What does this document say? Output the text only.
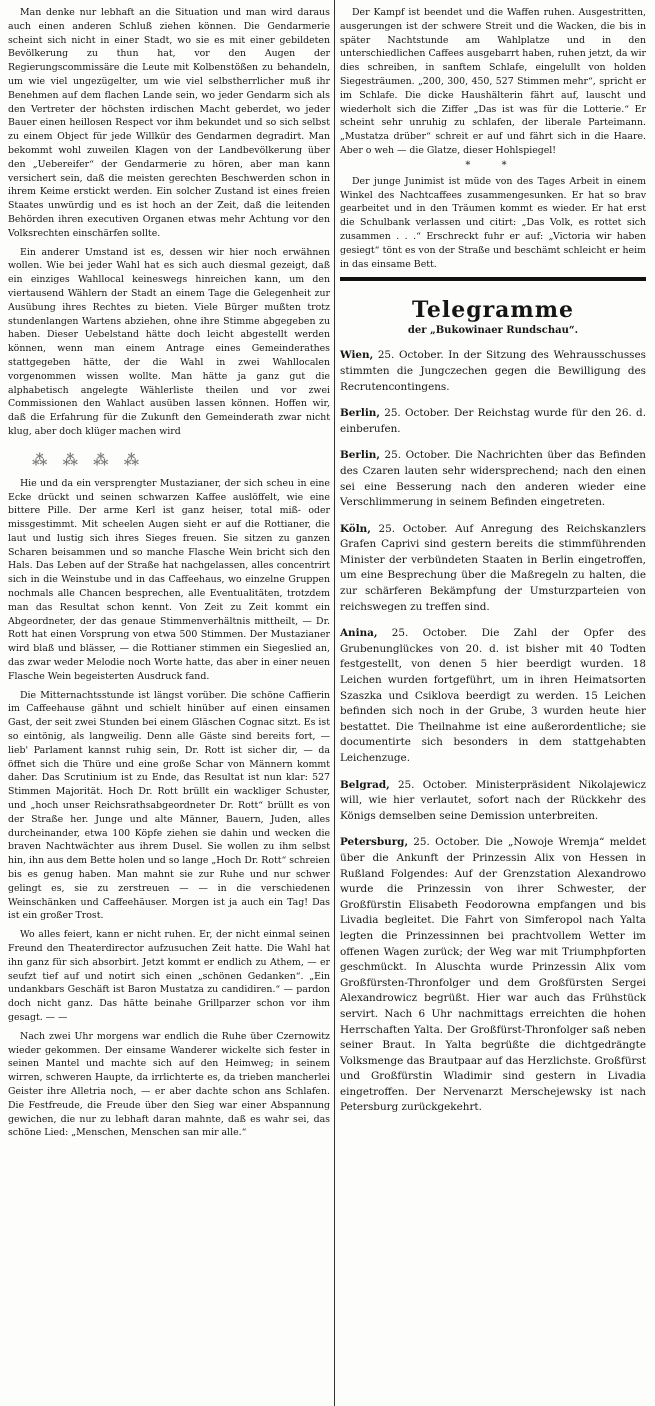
Man denke nur lebhaft an die Situation und man wird daraus auch einen anderen Schluß ziehen können. Die Gendarmerie scheint sich nicht in einer Stadt, wo sie es mit einer gebildeten Bevölkerung zu thun hat, vor den Augen der Regierungscommissäre die Leute mit Kolbenstößen zu behandeln, um wie viel ungezügelter, um wie viel selbstherrlicher muß ihr Benehmen auf dem flachen Lande sein, wo jeder Gendarm sich als den Vertreter der höchsten irdischen Macht geberdet, wo jeder Bauer einen heillosen Respect vor ihm bekundet und so sich selbst zu einem Object für jede Willkür des Gendarmen degradirt. Man bekommt wohl zuweilen Klagen von der Landbevölkerung über den „Uebereifer“ der Gendarmerie zu hören, aber man kann versichert sein, daß die meisten gerechten Beschwerden schon in ihrem Keime erstickt werden. Ein solcher Zustand ist eines freien Staates unwürdig und es ist hoch an der Zeit, daß die leitenden Behörden ihren executiven Organen etwas mehr Achtung vor den Volksrechten einschärfen sollte.

Ein anderer Umstand ist es, dessen wir hier noch erwähnen wollen. Wie bei jeder Wahl hat es sich auch diesmal gezeigt, daß ein einziges Wahllocal keineswegs hinreichen kann, um den viertausend Wählern der Stadt an einem Tage die Gelegenheit zur Ausübung ihres Rechtes zu bieten. Viele Bürger mußten trotz stundenlangen Wartens abziehen, ohne ihre Stimme abgegeben zu haben. Dieser Uebelstand hätte doch leicht abgestellt werden können, wenn man einem Antrage eines Gemeinderathes stattgegeben hätte, der die Wahl in zwei Wahllocalen vorgenommen wissen wollte. Man hätte ja ganz gut die alphabetisch angelegte Wählerliste theilen und vor zwei Commissionen den Wahlact ausüben lassen können. Hoffen wir, daß die Erfahrung für die Zukunft den Gemeinderath zwar nicht klug, aber doch klüger machen wird

⁂ ⁂ ⁂ ⁂

Hie und da ein versprengter Mustazianer, der sich scheu in eine Ecke drückt und seinen schwarzen Kaffee auslöffelt, wie eine bittere Pille. Der arme Kerl ist ganz heiser, total miß- oder missgestimmt. Mit scheelen Augen sieht er auf die Rottianer, die laut und lustig sich ihres Sieges freuen. Sie sitzen zu ganzen Scharen beisammen und so manche Flasche Wein bricht sich den Hals. Das Leben auf der Straße hat nachgelassen, alles concentrirt sich in die Weinstube und in das Caffeehaus, wo einzelne Gruppen nochmals alle Chancen besprechen, alle Eventualitäten, trotzdem man das Resultat schon kennt. Von Zeit zu Zeit kommt ein Abgeordneter, der das genaue Stimmenverhältnis mittheilt, — Dr. Rott hat einen Vorsprung von etwa 500 Stimmen. Der Mustazianer wird blaß und blässer, — die Rottianer stimmen ein Siegeslied an, das zwar weder Melodie noch Worte hatte, das aber in einer neuen Flasche Wein begeisterten Ausdruck fand.

Die Mitternachtsstunde ist längst vorüber. Die schöne Caffierin im Caffeehause gähnt und schielt hinüber auf einen einsamen Gast, der seit zwei Stunden bei einem Gläschen Cognac sitzt. Es ist so eintönig, als langweilig. Denn alle Gäste sind bereits fort, — lieb' Parlament kannst ruhig sein, Dr. Rott ist sicher dir, — da öffnet sich die Thüre und eine große Schar von Männern kommt daher. Das Scrutinium ist zu Ende, das Resultat ist nun klar: 527 Stimmen Majorität. Hoch Dr. Rott brüllt ein wackliger Schuster, und „hoch unser Reichsrathsabgeordneter Dr. Rott“ brüllt es von der Straße her. Junge und alte Männer, Bauern, Juden, alles durcheinander, etwa 100 Köpfe ziehen sie dahin und wecken die braven Nachtwächter aus ihrem Dusel. Sie wollen zu ihm selbst hin, ihn aus dem Bette holen und so lange „Hoch Dr. Rott“ schreien bis es genug haben. Man mahnt sie zur Ruhe und nur schwer gelingt es, sie zu zerstreuen — — in die verschiedenen Weinschänken und Caffeehäuser. Morgen ist ja auch ein Tag! Das ist ein großer Trost.

Wo alles feiert, kann er nicht ruhen. Er, der nicht einmal seinen Freund den Theaterdirector aufzusuchen Zeit hatte. Die Wahl hat ihn ganz für sich absorbirt. Jetzt kommt er endlich zu Athem, — er seufzt tief auf und notirt sich einen „schönen Gedanken“. „Ein undankbars Geschäft ist Baron Mustatza zu candidiren.“ — pardon doch nicht ganz. Das hätte beinahe Grillparzer schon vor ihm gesagt. — —

Nach zwei Uhr morgens war endlich die Ruhe über Czernowitz wieder gekommen. Der einsame Wanderer wickelte sich fester in seinen Mantel und machte sich auf den Heimweg; in seinem wirren, schweren Haupte, da irrlichterte es, da trieben mancherlei Geister ihre Alletria noch, — er aber dachte schon ans Schlafen. Die Festfreude, die Freude über den Sieg war einer Abspannung gewichen, die nur zu lebhaft daran mahnte, daß es wahr sei, das schöne Lied: „Menschen, Menschen san mir alle.“

Der Kampf ist beendet und die Waffen ruhen. Ausgestritten, ausgerungen ist der schwere Streit und die Wacken, die bis in später Nachtstunde am Wahlplatze und in den unterschiedlichen Caffees ausgebarrt haben, ruhen jetzt, da wir dies schreiben, in sanftem Schlafe, eingelullt von holden Siegesträumen. „200, 300, 450, 527 Stimmen mehr“, spricht er im Schlafe. Die dicke Haushälterin fährt auf, lauscht und wiederholt sich die Ziffer „Das ist was für die Lotterie.“ Er scheint sehr unruhig zu schlafen, der liberale Parteimann. „Mustatza drüber“ schreit er auf und fährt sich in die Haare. Aber o weh — die Glatze, dieser Hohlspiegel!

* *

Der junge Junimist ist müde von des Tages Arbeit in einem Winkel des Nachtcaffees zusammengesunken. Er hat so brav gearbeitet und in den Träumen kommt es wieder. Er hat erst die Schulbank verlassen und citirt: „Das Volk, es rottet sich zusammen . . .“ Erschreckt fuhr er auf: „Victoria wir haben gesiegt“ tönt es von der Straße und beschämt schleicht er heim in das einsame Bett.

Telegramme
der „Bukowinaer Rundschau“.

Wien, 25. October. In der Sitzung des Wehrausschusses stimmten die Jungczechen gegen die Bewilligung des Recrutencontingens.

Berlin, 25. October. Der Reichstag wurde für den 26. d. einberufen.

Berlin, 25. October. Die Nachrichten über das Befinden des Czaren lauten sehr widersprechend; nach den einen sei eine Besserung nach den anderen wieder eine Verschlimmerung in seinem Befinden eingetreten.

Köln, 25. October. Auf Anregung des Reichskanzlers Grafen Caprivi sind gestern bereits die stimmführenden Minister der verbündeten Staaten in Berlin eingetroffen, um eine Besprechung über die Maßregeln zu halten, die zur schärferen Bekämpfung der Umsturzparteien von reichswegen zu treffen sind.

Anina, 25. October. Die Zahl der Opfer des Grubenunglückes von 20. d. ist bisher mit 40 Todten festgestellt, von denen 5 hier beerdigt wurden. 18 Leichen wurden fortgeführt, um in ihren Heimatsorten Szaszka und Csiklova beerdigt zu werden. 15 Leichen befinden sich noch in der Grube, 3 wurden heute hier bestattet. Die Theilnahme ist eine außerordentliche; sie documentirte sich besonders in dem stattgehabten Leichenzuge.

Belgrad, 25. October. Ministerpräsident Nikolajewicz will, wie hier verlautet, sofort nach der Rückkehr des Königs demselben seine Demission unterbreiten.

Petersburg, 25. October. Die „Nowoje Wremja“ meldet über die Ankunft der Prinzessin Alix von Hessen in Rußland Folgendes: Auf der Grenzstation Alexandrowo wurde die Prinzessin von ihrer Schwester, der Großfürstin Elisabeth Feodorowna empfangen und bis Livadia begleitet. Die Fahrt von Simferopol nach Yalta legten die Prinzessinnen bei prachtvollem Wetter im offenen Wagen zurück; der Weg war mit Triumphpforten geschmückt. In Aluschta wurde Prinzessin Alix vom Großfürsten-Thronfolger und dem Großfürsten Sergei Alexandrowicz begrüßt. Hier war auch das Frühstück servirt. Nach 6 Uhr nachmittags erreichten die hohen Herrschaften Yalta. Der Großfürst-Thronfolger saß neben seiner Braut. In Yalta begrüßte die dichtgedrängte Volksmenge das Brautpaar auf das Herzlichste. Großfürst und Großfürstin Wladimir sind gestern in Livadia eingetroffen. Der Nervenarzt Merschejewsky ist nach Petersburg zurückgekehrt.
